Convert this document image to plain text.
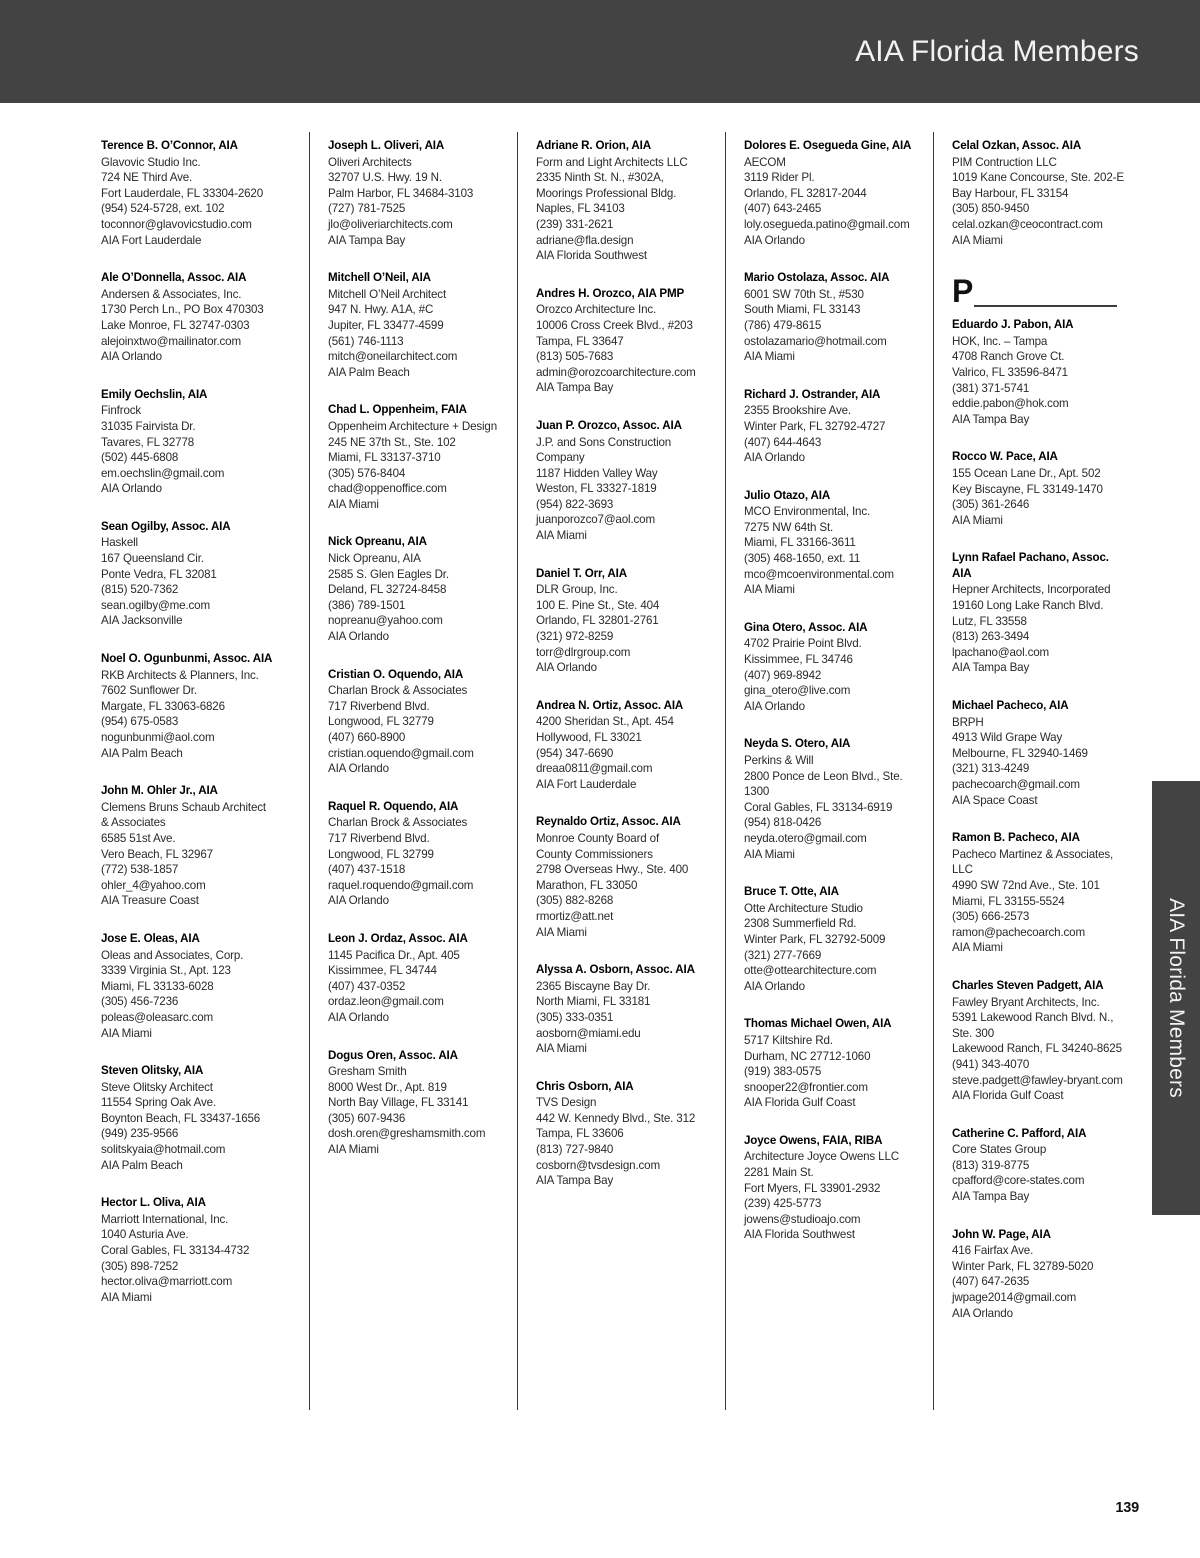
AIA Florida Members
AIA Florida Members
Terence B. O’Connor, AIA
Glavovic Studio Inc.
724 NE Third Ave.
Fort Lauderdale, FL 33304-2620
(954) 524-5728, ext. 102
toconnor@glavovicstudio.com
AIA Fort Lauderdale
Ale O’Donnella, Assoc. AIA
Andersen & Associates, Inc.
1730 Perch Ln., PO Box 470303
Lake Monroe, FL 32747-0303
alejoinxtwo@mailinator.com
AIA Orlando
Emily Oechslin, AIA
Finfrock
31035 Fairvista Dr.
Tavares, FL 32778
(502) 445-6808
em.oechslin@gmail.com
AIA Orlando
Sean Ogilby, Assoc. AIA
Haskell
167 Queensland Cir.
Ponte Vedra, FL 32081
(815) 520-7362
sean.ogilby@me.com
AIA Jacksonville
Noel O. Ogunbunmi, Assoc. AIA
RKB Architects & Planners, Inc.
7602 Sunflower Dr.
Margate, FL 33063-6826
(954) 675-0583
nogunbunmi@aol.com
AIA Palm Beach
John M. Ohler Jr., AIA
Clemens Bruns Schaub Architect
& Associates
6585 51st Ave.
Vero Beach, FL 32967
(772) 538-1857
ohler_4@yahoo.com
AIA Treasure Coast
Jose E. Oleas, AIA
Oleas and Associates, Corp.
3339 Virginia St., Apt. 123
Miami, FL 33133-6028
(305) 456-7236
poleas@oleasarc.com
AIA Miami
Steven Olitsky, AIA
Steve Olitsky Architect
11554 Spring Oak Ave.
Boynton Beach, FL 33437-1656
(949) 235-9566
solitskyaia@hotmail.com
AIA Palm Beach
Hector L. Oliva, AIA
Marriott International, Inc.
1040 Asturia Ave.
Coral Gables, FL 33134-4732
(305) 898-7252
hector.oliva@marriott.com
AIA Miami
Joseph L. Oliveri, AIA
Oliveri Architects
32707 U.S. Hwy. 19 N.
Palm Harbor, FL 34684-3103
(727) 781-7525
jlo@oliveriarchitects.com
AIA Tampa Bay
Mitchell O’Neil, AIA
Mitchell O’Neil Architect
947 N. Hwy. A1A, #C
Jupiter, FL 33477-4599
(561) 746-1113
mitch@oneilarchitect.com
AIA Palm Beach
Chad L. Oppenheim, FAIA
Oppenheim Architecture + Design
245 NE 37th St., Ste. 102
Miami, FL 33137-3710
(305) 576-8404
chad@oppenoffice.com
AIA Miami
Nick Opreanu, AIA
Nick Opreanu, AIA
2585 S. Glen Eagles Dr.
Deland, FL 32724-8458
(386) 789-1501
nopreanu@yahoo.com
AIA Orlando
Cristian O. Oquendo, AIA
Charlan Brock & Associates
717 Riverbend Blvd.
Longwood, FL 32779
(407) 660-8900
cristian.oquendo@gmail.com
AIA Orlando
Raquel R. Oquendo, AIA
Charlan Brock & Associates
717 Riverbend Blvd.
Longwood, FL 32799
(407) 437-1518
raquel.roquendo@gmail.com
AIA Orlando
Leon J. Ordaz, Assoc. AIA
1145 Pacifica Dr., Apt. 405
Kissimmee, FL 34744
(407) 437-0352
ordaz.leon@gmail.com
AIA Orlando
Dogus Oren, Assoc. AIA
Gresham Smith
8000 West Dr., Apt. 819
North Bay Village, FL 33141
(305) 607-9436
dosh.oren@greshamsmith.com
AIA Miami
Adriane R. Orion, AIA
Form and Light Architects LLC
2335 Ninth St. N., #302A,
Moorings Professional Bldg.
Naples, FL 34103
(239) 331-2621
adriane@fla.design
AIA Florida Southwest
Andres H. Orozco, AIA PMP
Orozco Architecture Inc.
10006 Cross Creek Blvd., #203
Tampa, FL 33647
(813) 505-7683
admin@orozcoarchitecture.com
AIA Tampa Bay
Juan P. Orozco, Assoc. AIA
J.P. and Sons Construction Company
1187 Hidden Valley Way
Weston, FL 33327-1819
(954) 822-3693
juanporozco7@aol.com
AIA Miami
Daniel T. Orr, AIA
DLR Group, Inc.
100 E. Pine St., Ste. 404
Orlando, FL 32801-2761
(321) 972-8259
torr@dlrgroup.com
AIA Orlando
Andrea N. Ortiz, Assoc. AIA
4200 Sheridan St., Apt. 454
Hollywood, FL 33021
(954) 347-6690
dreaa0811@gmail.com
AIA Fort Lauderdale
Reynaldo Ortiz, Assoc. AIA
Monroe County Board of
County Commissioners
2798 Overseas Hwy., Ste. 400
Marathon, FL 33050
(305) 882-8268
rmortiz@att.net
AIA Miami
Alyssa A. Osborn, Assoc. AIA
2365 Biscayne Bay Dr.
North Miami, FL 33181
(305) 333-0351
aosborn@miami.edu
AIA Miami
Chris Osborn, AIA
TVS Design
442 W. Kennedy Blvd., Ste. 312
Tampa, FL 33606
(813) 727-9840
cosborn@tvsdesign.com
AIA Tampa Bay
Dolores E. Osegueda Gine, AIA
AECOM
3119 Rider Pl.
Orlando, FL 32817-2044
(407) 643-2465
loly.osegueda.patino@gmail.com
AIA Orlando
Mario Ostolaza, Assoc. AIA
6001 SW 70th St., #530
South Miami, FL 33143
(786) 479-8615
ostolazamario@hotmail.com
AIA Miami
Richard J. Ostrander, AIA
2355 Brookshire Ave.
Winter Park, FL 32792-4727
(407) 644-4643
AIA Orlando
Julio Otazo, AIA
MCO Environmental, Inc.
7275 NW 64th St.
Miami, FL 33166-3611
(305) 468-1650, ext. 11
mco@mcoenvironmental.com
AIA Miami
Gina Otero, Assoc. AIA
4702 Prairie Point Blvd.
Kissimmee, FL 34746
(407) 969-8942
gina_otero@live.com
AIA Orlando
Neyda S. Otero, AIA
Perkins & Will
2800 Ponce de Leon Blvd., Ste. 1300
Coral Gables, FL 33134-6919
(954) 818-0426
neyda.otero@gmail.com
AIA Miami
Bruce T. Otte, AIA
Otte Architecture Studio
2308 Summerfield Rd.
Winter Park, FL 32792-5009
(321) 277-7669
otte@ottearchitecture.com
AIA Orlando
Thomas Michael Owen, AIA
5717 Kiltshire Rd.
Durham, NC 27712-1060
(919) 383-0575
snooper22@frontier.com
AIA Florida Gulf Coast
Joyce Owens, FAIA, RIBA
Architecture Joyce Owens LLC
2281 Main St.
Fort Myers, FL 33901-2932
(239) 425-5773
jowens@studioajo.com
AIA Florida Southwest
Celal Ozkan, Assoc. AIA
PIM Contruction LLC
1019 Kane Concourse, Ste. 202-E
Bay Harbour, FL 33154
(305) 850-9450
celal.ozkan@ceocontract.com
AIA Miami
P
Eduardo J. Pabon, AIA
HOK, Inc. – Tampa
4708 Ranch Grove Ct.
Valrico, FL 33596-8471
(381) 371-5741
eddie.pabon@hok.com
AIA Tampa Bay
Rocco W. Pace, AIA
155 Ocean Lane Dr., Apt. 502
Key Biscayne, FL 33149-1470
(305) 361-2646
AIA Miami
Lynn Rafael Pachano, Assoc. AIA
Hepner Architects, Incorporated
19160 Long Lake Ranch Blvd.
Lutz, FL 33558
(813) 263-3494
lpachano@aol.com
AIA Tampa Bay
Michael Pacheco, AIA
BRPH
4913 Wild Grape Way
Melbourne, FL 32940-1469
(321) 313-4249
pachecoarch@gmail.com
AIA Space Coast
Ramon B. Pacheco, AIA
Pacheco Martinez & Associates, LLC
4990 SW 72nd Ave., Ste. 101
Miami, FL 33155-5524
(305) 666-2573
ramon@pachecoarch.com
AIA Miami
Charles Steven Padgett, AIA
Fawley Bryant Architects, Inc.
5391 Lakewood Ranch Blvd. N.,
Ste. 300
Lakewood Ranch, FL 34240-8625
(941) 343-4070
steve.padgett@fawley-bryant.com
AIA Florida Gulf Coast
Catherine C. Pafford, AIA
Core States Group
(813) 319-8775
cpafford@core-states.com
AIA Tampa Bay
John W. Page, AIA
416 Fairfax Ave.
Winter Park, FL 32789-5020
(407) 647-2635
jwpage2014@gmail.com
AIA Orlando
139
